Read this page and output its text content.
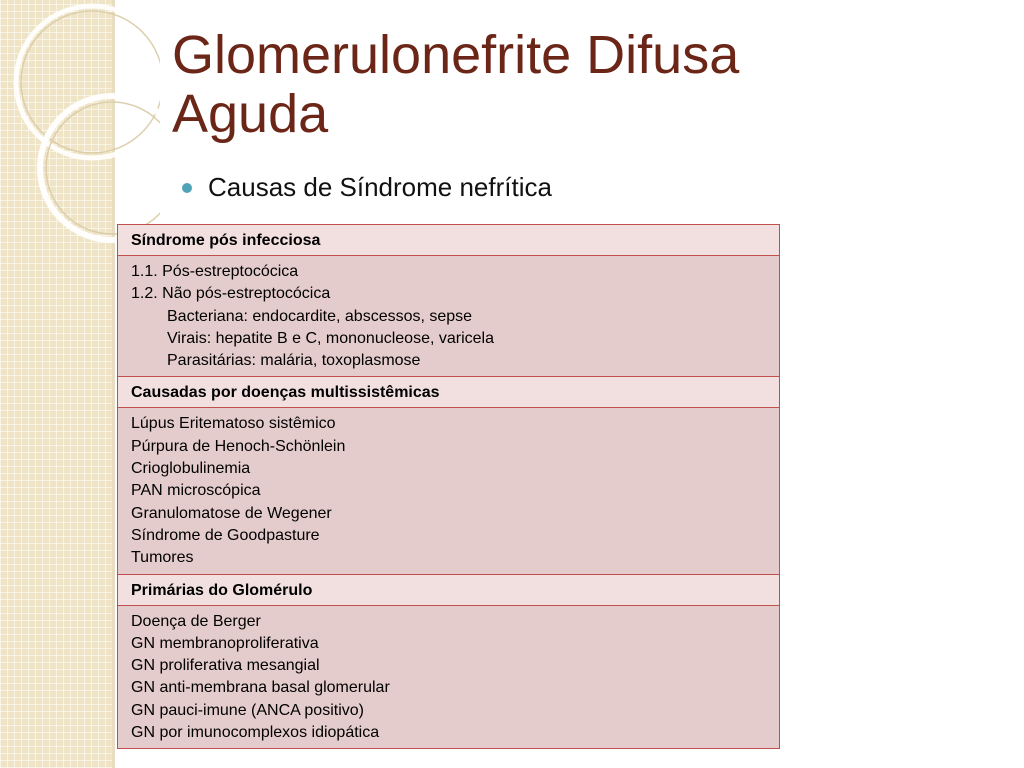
Glomerulonefrite Difusa
Aguda
Causas de Síndrome nefrítica
Síndrome pós infecciosa

1.1. Pós-estreptocócica
1.2. Não pós-estreptocócica
Bacteriana: endocardite, abscessos, sepse
Virais: hepatite B e C, mononucleose, varicela
Parasitárias: malária, toxoplasmose

Causadas por doenças multissistêmicas

Lúpus Eritematoso sistêmico
Púrpura de Henoch-Schönlein
Crioglobulinemia
PAN microscópica
Granulomatose de Wegener
Síndrome de Goodpasture
Tumores

Primárias do Glomérulo

Doença de Berger
GN membranoproliferativa
GN proliferativa mesangial
GN anti-membrana basal glomerular
GN pauci-imune (ANCA positivo)
GN por imunocomplexos idiopática
